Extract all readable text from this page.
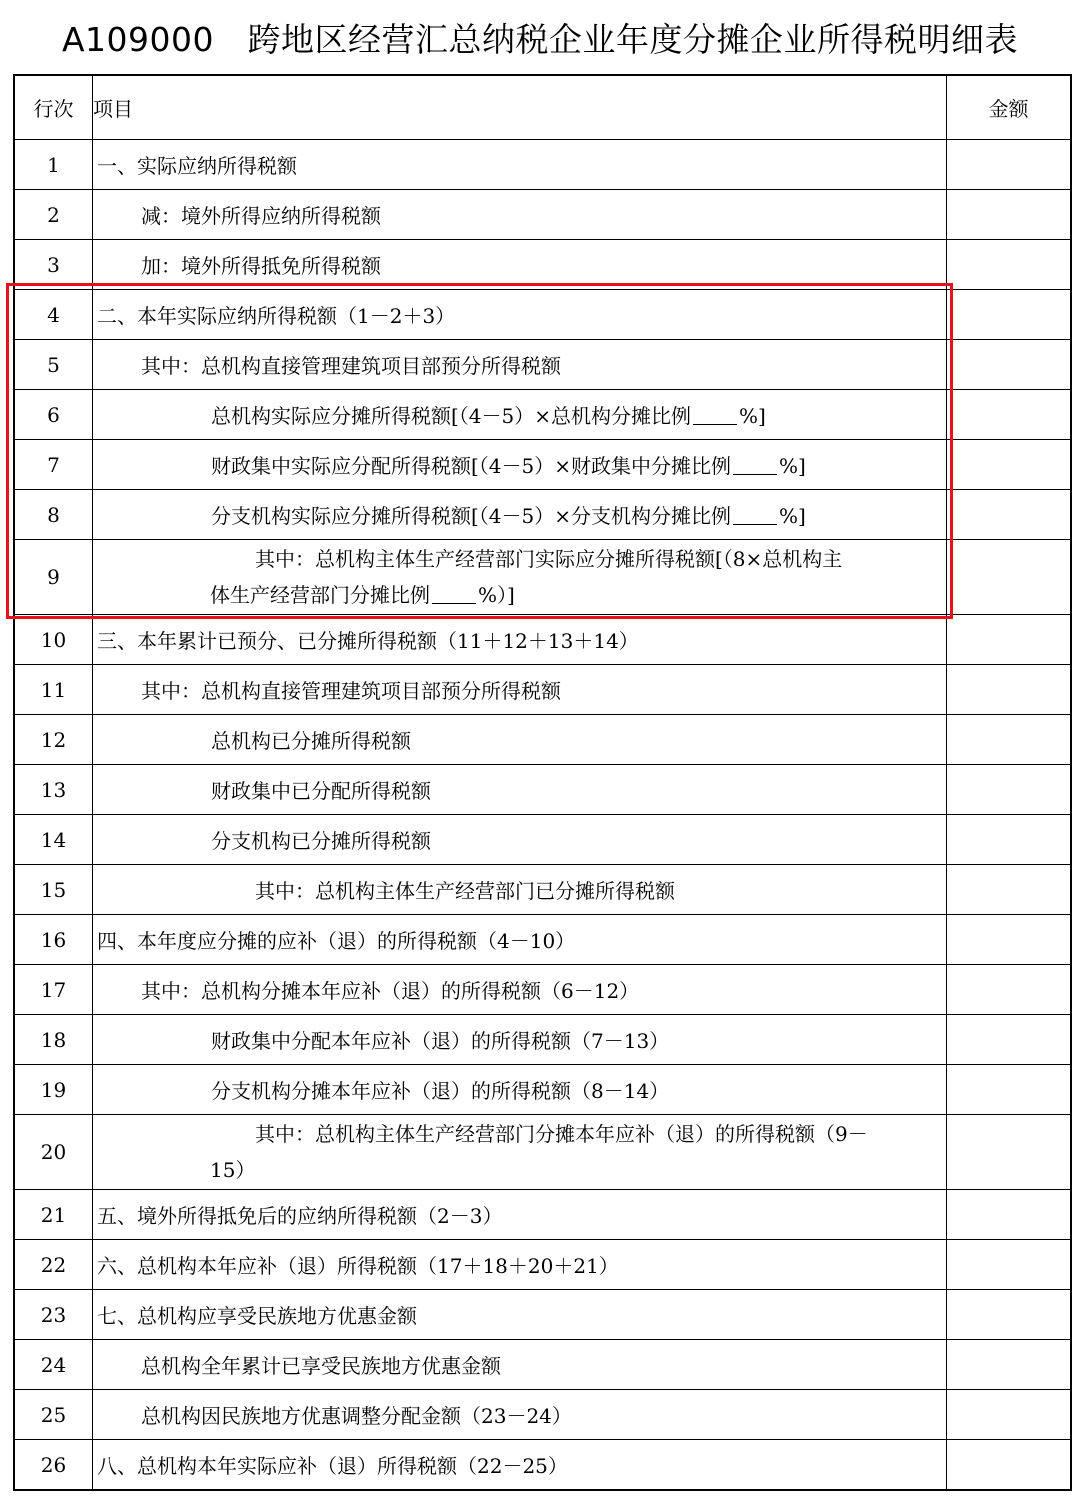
A109000　跨地区经营汇总纳税企业年度分摊企业所得税明细表
行次	项目	金额
1	一、实际应纳所得税额	

2	减：境外所得应纳所得税额	

3	加：境外所得抵免所得税额	

4	二、本年实际应纳所得税额（1－2＋3）	

5	其中：总机构直接管理建筑项目部预分所得税额	

6	总机构实际应分摊所得税额[（4－5）×总机构分摊比例 %]	

7	财政集中实际应分配所得税额[（4－5）×财政集中分摊比例 %]	

8	分支机构实际应分摊所得税额[（4－5）×分支机构分摊比例 %]	

9	其中：总机构主体生产经营部门实际应分摊所得税额[（8×总机构主
体生产经营部门分摊比例 %）]	

10	三、本年累计已预分、已分摊所得税额（11＋12＋13＋14）	

11	其中：总机构直接管理建筑项目部预分所得税额	

12	总机构已分摊所得税额	

13	财政集中已分配所得税额	

14	分支机构已分摊所得税额	

15	其中：总机构主体生产经营部门已分摊所得税额	

16	四、本年度应分摊的应补（退）的所得税额（4－10）	

17	其中：总机构分摊本年应补（退）的所得税额（6－12）	

18	财政集中分配本年应补（退）的所得税额（7－13）	

19	分支机构分摊本年应补（退）的所得税额（8－14）	

20	其中：总机构主体生产经营部门分摊本年应补（退）的所得税额（9－
15）	

21	五、境外所得抵免后的应纳所得税额（2－3）	

22	六、总机构本年应补（退）所得税额（17＋18＋20＋21）	

23	七、总机构应享受民族地方优惠金额	

24	总机构全年累计已享受民族地方优惠金额	

25	总机构因民族地方优惠调整分配金额（23－24）	

26	八、总机构本年实际应补（退）所得税额（22－25）	
